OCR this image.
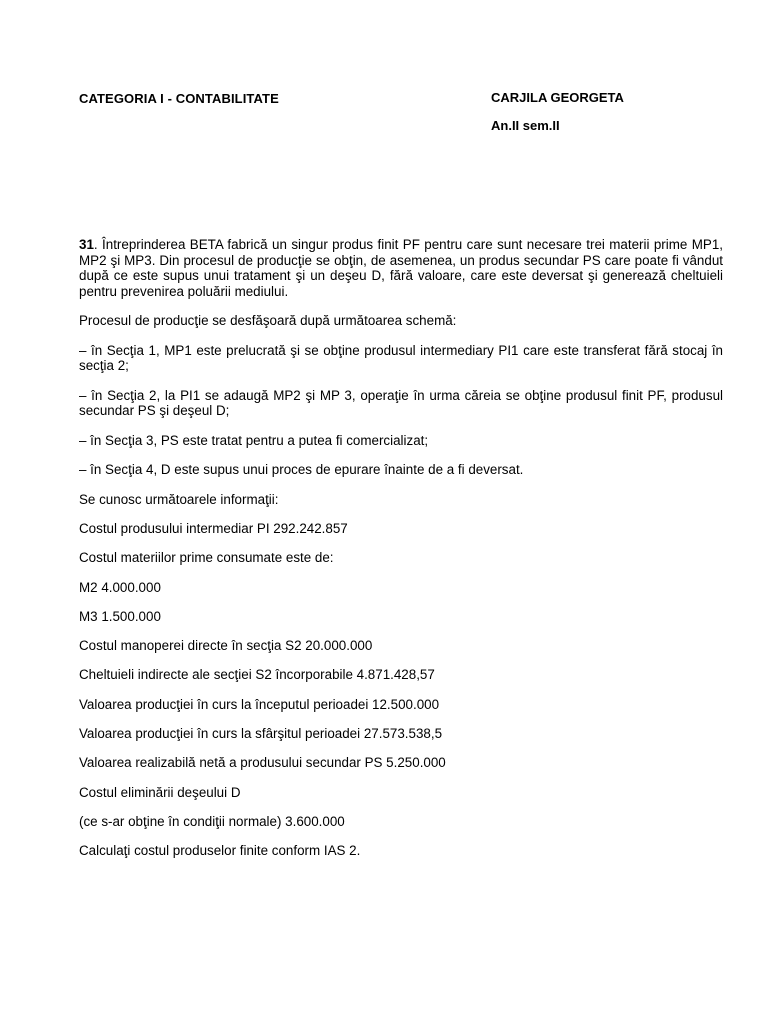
CATEGORIA I - CONTABILITATE	CARJILA GEORGETA
An.II sem.II

31. Întreprinderea BETA fabrică un singur produs finit PF pentru care sunt necesare trei materii prime MP1, MP2 şi MP3. Din procesul de producţie se obţin, de asemenea, un produs secundar PS care poate fi vândut după ce este supus unui tratament şi un deşeu D, fără valoare, care este deversat şi generează cheltuieli pentru prevenirea poluării mediului.

Procesul de producţie se desfăşoară după următoarea schemă:

– în Secţia 1, MP1 este prelucrată şi se obţine produsul intermediary PI1 care este transferat fără stocaj în secţia 2;

– în Secţia 2, la PI1 se adaugă MP2 şi MP 3, operaţie în urma căreia se obţine produsul finit PF, produsul secundar PS şi deşeul D;

– în Secţia 3, PS este tratat pentru a putea fi comercializat;

– în Secţia 4, D este supus unui proces de epurare înainte de a fi deversat.

Se cunosc următoarele informaţii:

Costul produsului intermediar PI 292.242.857

Costul materiilor prime consumate este de:

M2 4.000.000

M3 1.500.000

Costul manoperei directe în secţia S2 20.000.000

Cheltuieli indirecte ale secţiei S2 încorporabile 4.871.428,57

Valoarea producţiei în curs la începutul perioadei 12.500.000

Valoarea producţiei în curs la sfârşitul perioadei 27.573.538,5

Valoarea realizabilă netă a produsului secundar PS 5.250.000

Costul eliminării deşeului D

(ce s-ar obţine în condiţii normale) 3.600.000

Calculaţi costul produselor finite conform IAS 2.
